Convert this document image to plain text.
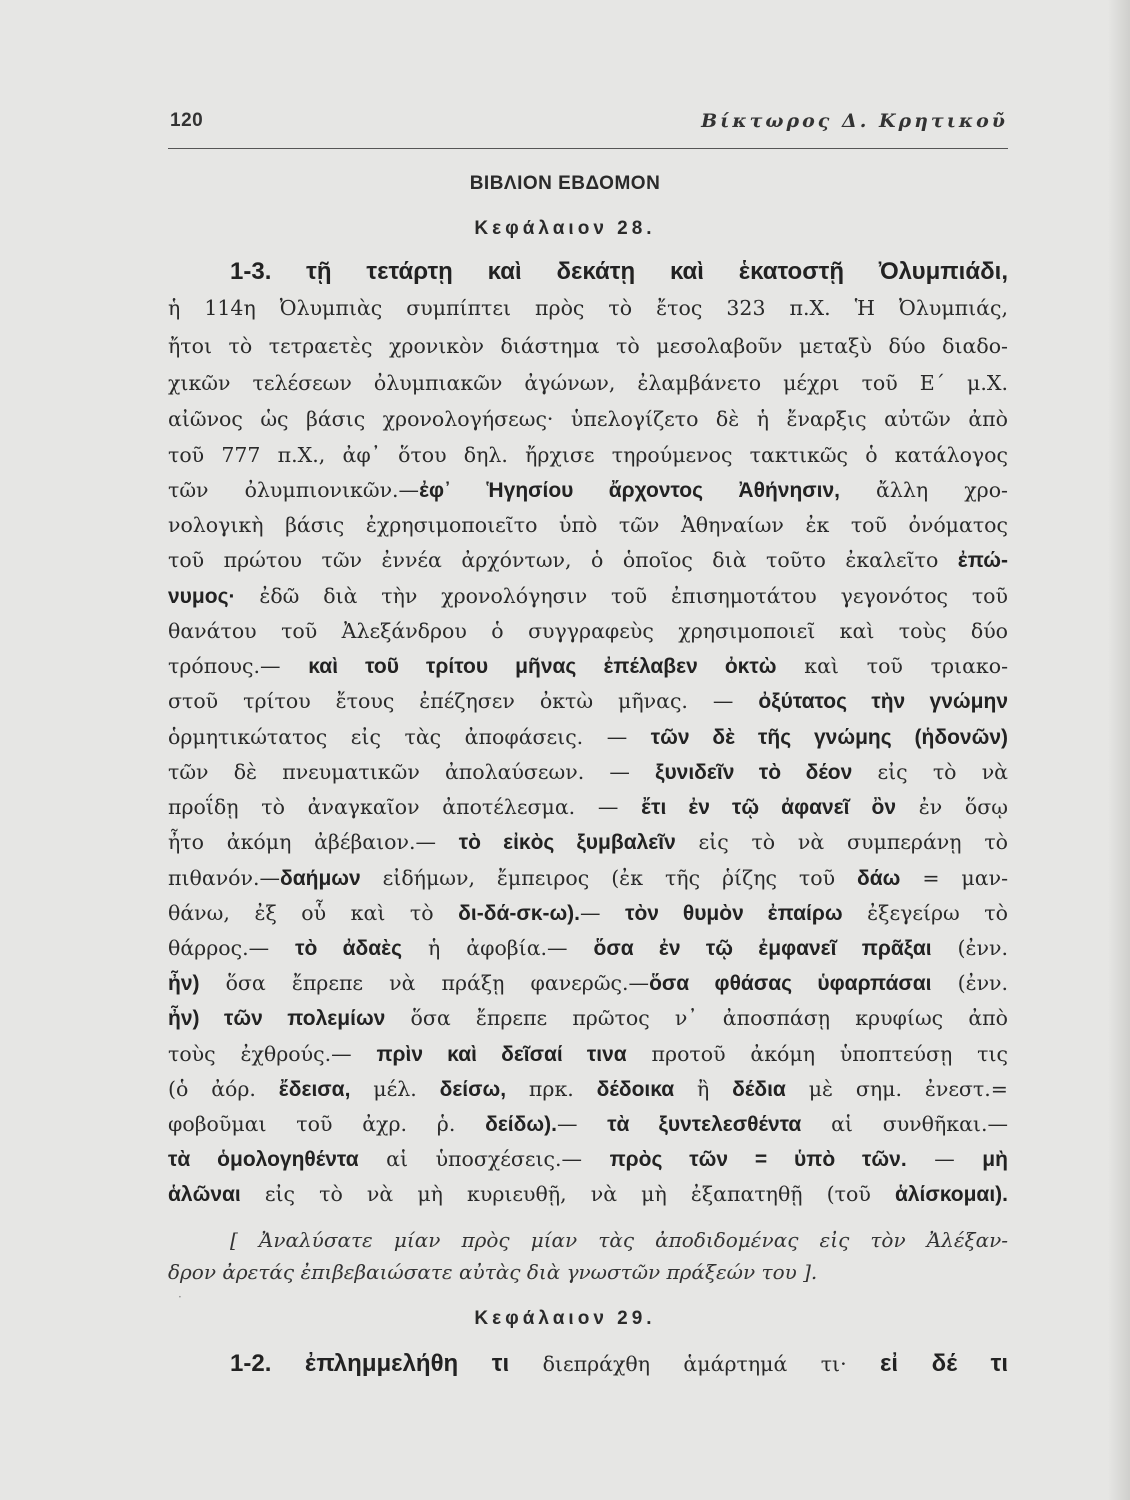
120	Βίκτωρος Δ. Κρητικοῦ
ΒΙΒΛΙΟΝ ΕΒΔΟΜΟΝ
Κεφάλαιον 28.
1-3. τῇ τετάρτῃ καὶ δεκάτῃ καὶ ἑκατοστῇ Ὀλυμπιάδι,
ἡ 114η Ὀλυμπιὰς συμπίπτει πρὸς τὸ ἔτος 323 π.Χ. Ἡ Ὀλυμπιάς,
ἤτοι τὸ τετραετὲς χρονικὸν διάστημα τὸ μεσολαβοῦν μεταξὺ δύο διαδο-
χικῶν τελέσεων ὀλυμπιακῶν ἀγώνων, ἐλαμβάνετο μέχρι τοῦ Ε΄ μ.Χ.
αἰῶνος ὡς βάσις χρονολογήσεως· ὑπελογίζετο δὲ ἡ ἔναρξις αὐτῶν ἀπὸ
τοῦ 777 π.Χ., ἀφ᾽ ὅτου δηλ. ἤρχισε τηρούμενος τακτικῶς ὁ κατάλογος
τῶν ὀλυμπιονικῶν.—ἐφ᾽ Ἡγησίου ἄρχοντος Ἀθήνησιν, ἄλλη χρο-
νολογικὴ βάσις ἐχρησιμοποιεῖτο ὑπὸ τῶν Ἀθηναίων ἐκ τοῦ ὀνόματος
τοῦ πρώτου τῶν ἐννέα ἀρχόντων, ὁ ὁποῖος διὰ τοῦτο ἐκαλεῖτο ἐπώ-
νυμος· ἐδῶ διὰ τὴν χρονολόγησιν τοῦ ἐπισημοτάτου γεγονότος τοῦ
θανάτου τοῦ Ἀλεξάνδρου ὁ συγγραφεὺς χρησιμοποιεῖ καὶ τοὺς δύο
τρόπους.— καὶ τοῦ τρίτου μῆνας ἐπέλαβεν ὀκτὼ καὶ τοῦ τριακο-
στοῦ τρίτου ἔτους ἐπέζησεν ὀκτὼ μῆνας. — ὀξύτατος τὴν γνώμην
ὁρμητικώτατος εἰς τὰς ἀποφάσεις. — τῶν δὲ τῆς γνώμης (ἡδονῶν)
τῶν δὲ πνευματικῶν ἀπολαύσεων. — ξυνιδεῖν τὸ δέον εἰς τὸ νὰ
προΐδῃ τὸ ἀναγκαῖον ἀποτέλεσμα. — ἔτι ἐν τῷ ἀφανεῖ ὂν ἐν ὅσῳ
ἦτο ἀκόμη ἀβέβαιον.— τὸ εἰκὸς ξυμβαλεῖν εἰς τὸ νὰ συμπεράνῃ τὸ
πιθανόν.—δαήμων εἰδήμων, ἔμπειρος (ἐκ τῆς ῥίζης τοῦ δάω = μαν-
θάνω, ἐξ οὗ καὶ τὸ δι-δά-σκ-ω).— τὸν θυμὸν ἐπαίρω ἐξεγείρω τὸ
θάρρος.— τὸ ἀδαὲς ἡ ἀφοβία.— ὅσα ἐν τῷ ἐμφανεῖ πρᾶξαι (ἐνν.
ἦν) ὅσα ἔπρεπε νὰ πράξῃ φανερῶς.—ὅσα φθάσας ὑφαρπάσαι (ἐνν.
ἦν) τῶν πολεμίων ὅσα ἔπρεπε πρῶτος ν᾽ ἀποσπάσῃ κρυφίως ἀπὸ
τοὺς ἐχθρούς.— πρὶν καὶ δεῖσαί τινα προτοῦ ἀκόμη ὑποπτεύσῃ τις
(ὁ ἀόρ. ἔδεισα, μέλ. δείσω, πρκ. δέδοικα ἢ δέδια μὲ σημ. ἐνεστ.=
φοβοῦμαι τοῦ ἀχρ. ῥ. δείδω).— τὰ ξυντελεσθέντα αἱ συνθῆκαι.—
τὰ ὁμολογηθέντα αἱ ὑποσχέσεις.— πρὸς τῶν = ὑπὸ τῶν. — μὴ
ἁλῶναι εἰς τὸ νὰ μὴ κυριευθῇ, νὰ μὴ ἐξαπατηθῇ (τοῦ ἁλίσκομαι).
[ Ἀναλύσατε μίαν πρὸς μίαν τὰς ἀποδιδομένας εἰς τὸν Ἀλέξαν-
δρον ἀρετάς ἐπιβεβαιώσατε αὐτὰς διὰ γνωστῶν πράξεών του ].
·
Κεφάλαιον 29.
1-2. ἐπλημμελήθη τι διεπράχθη ἁμάρτημά τι· εἰ δέ τι
